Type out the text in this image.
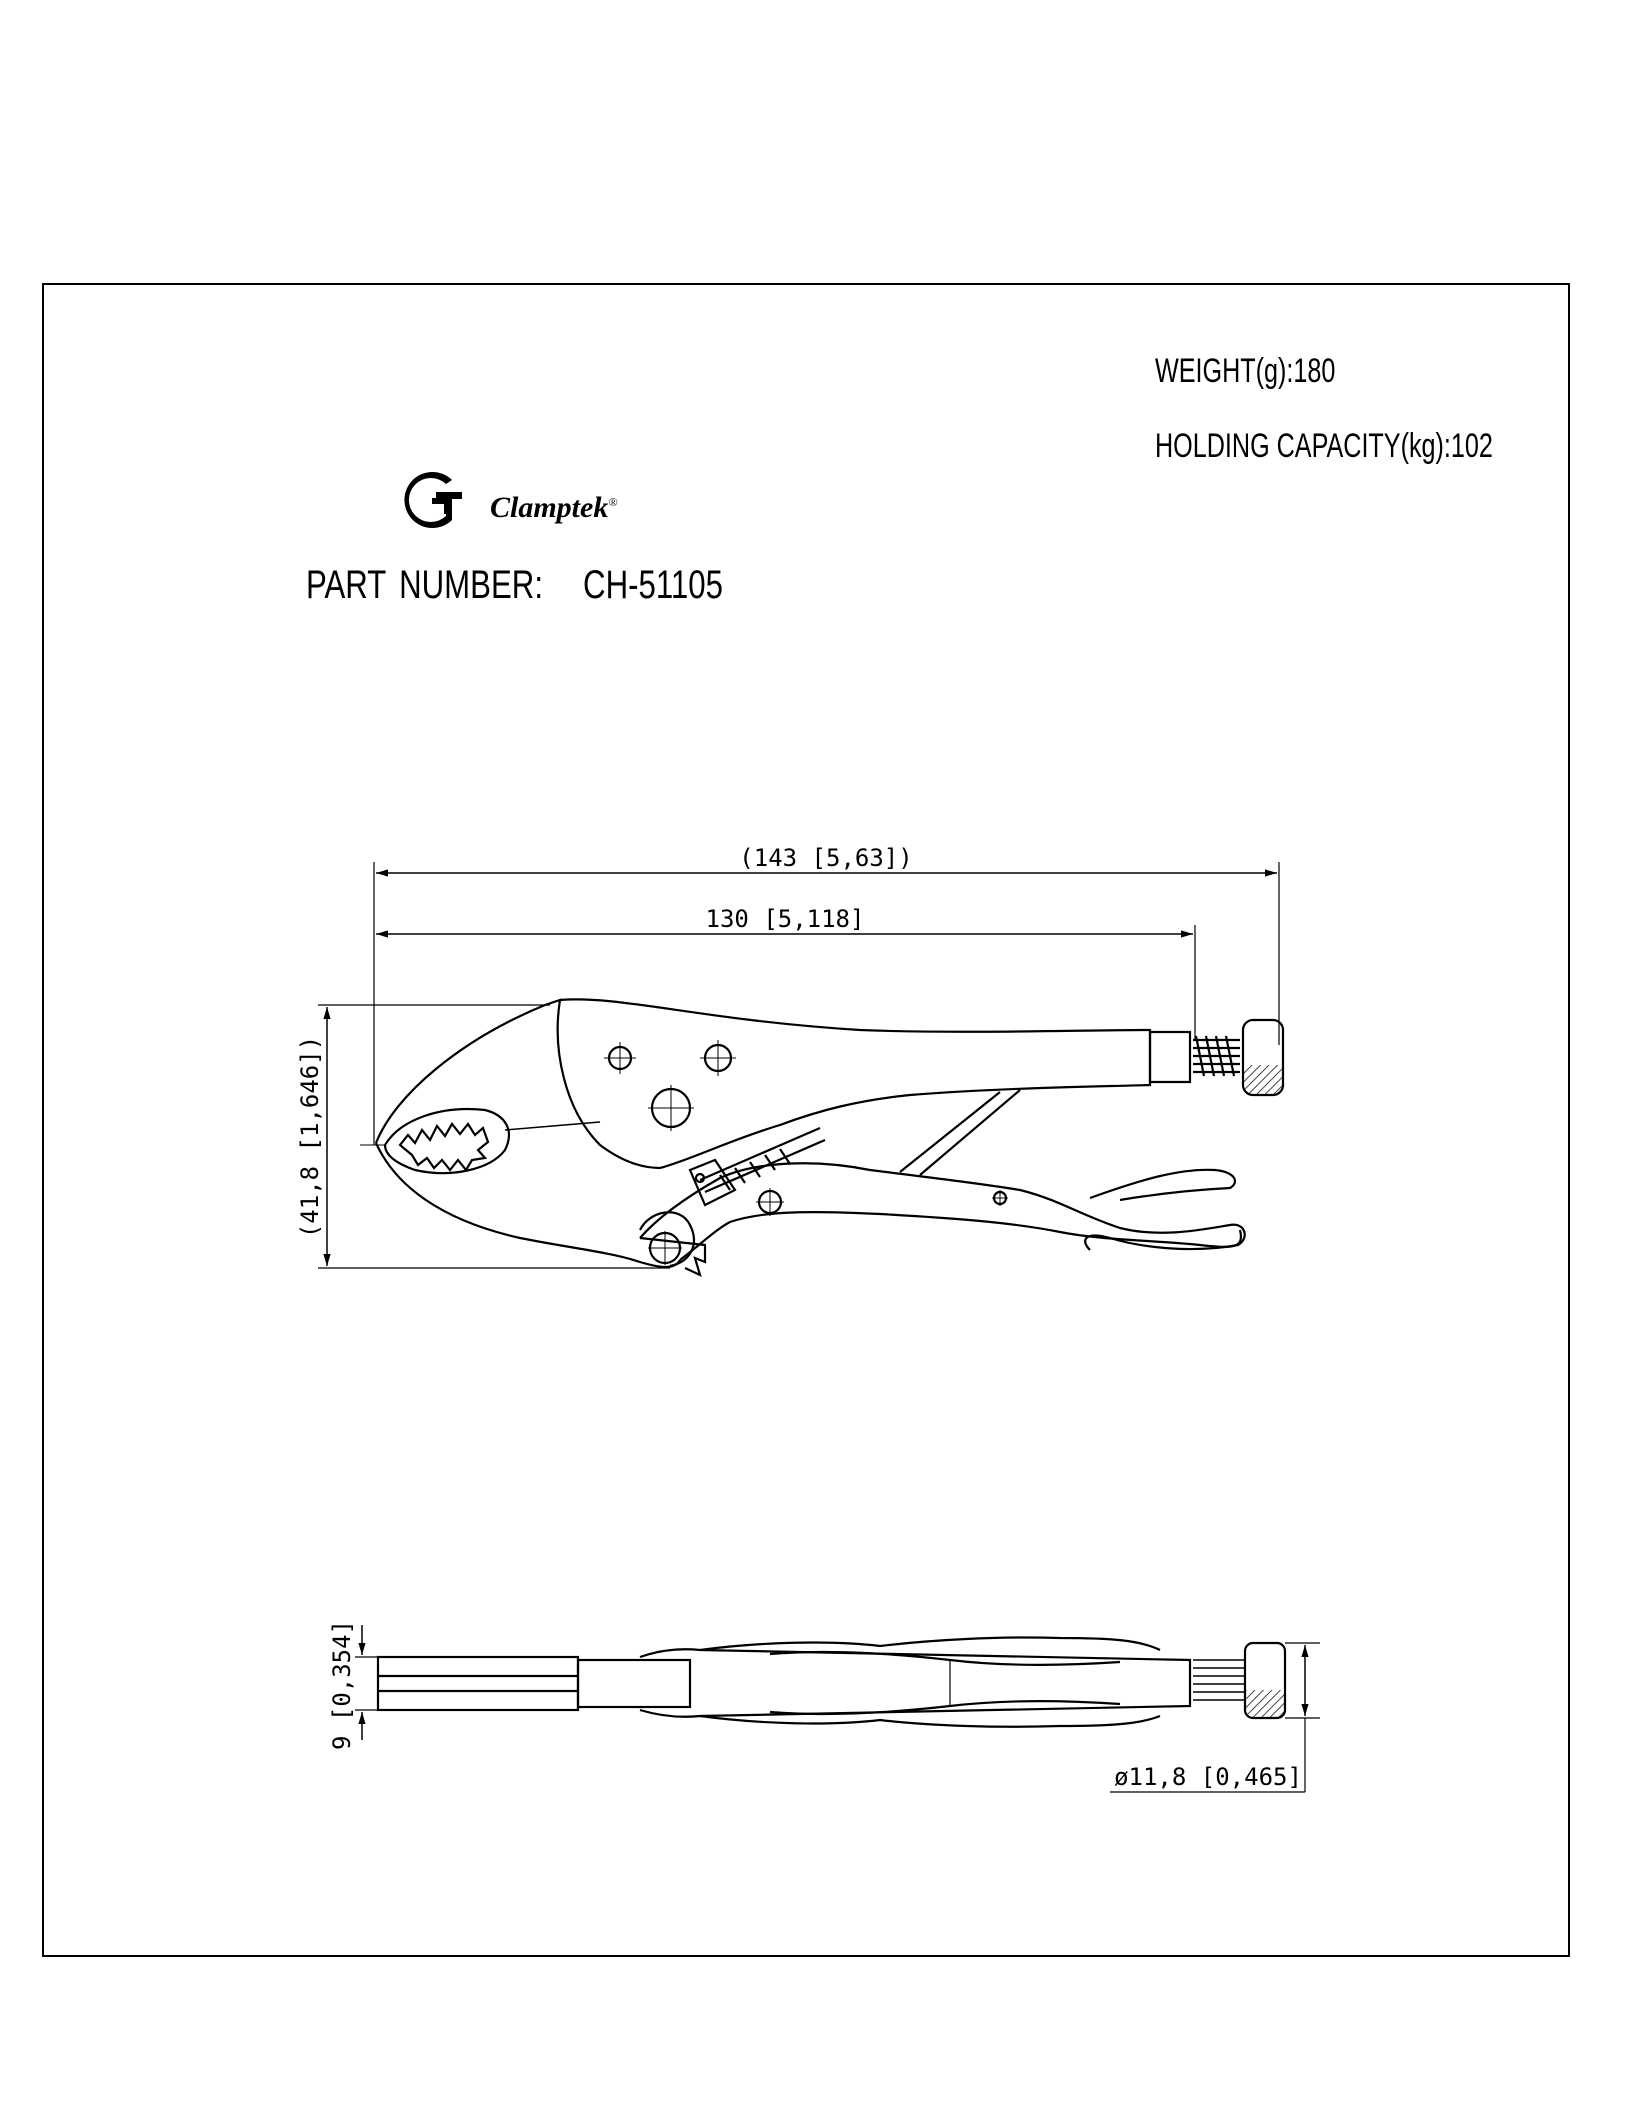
Clamptek®
WEIGHT(g):180
HOLDING CAPACITY(kg):102
PART NUMBER: CH-51105
(143 [5,63])
130 [5,118]
(41,8 [1,646])
9 [0,354]
ø11,8 [0,465]
